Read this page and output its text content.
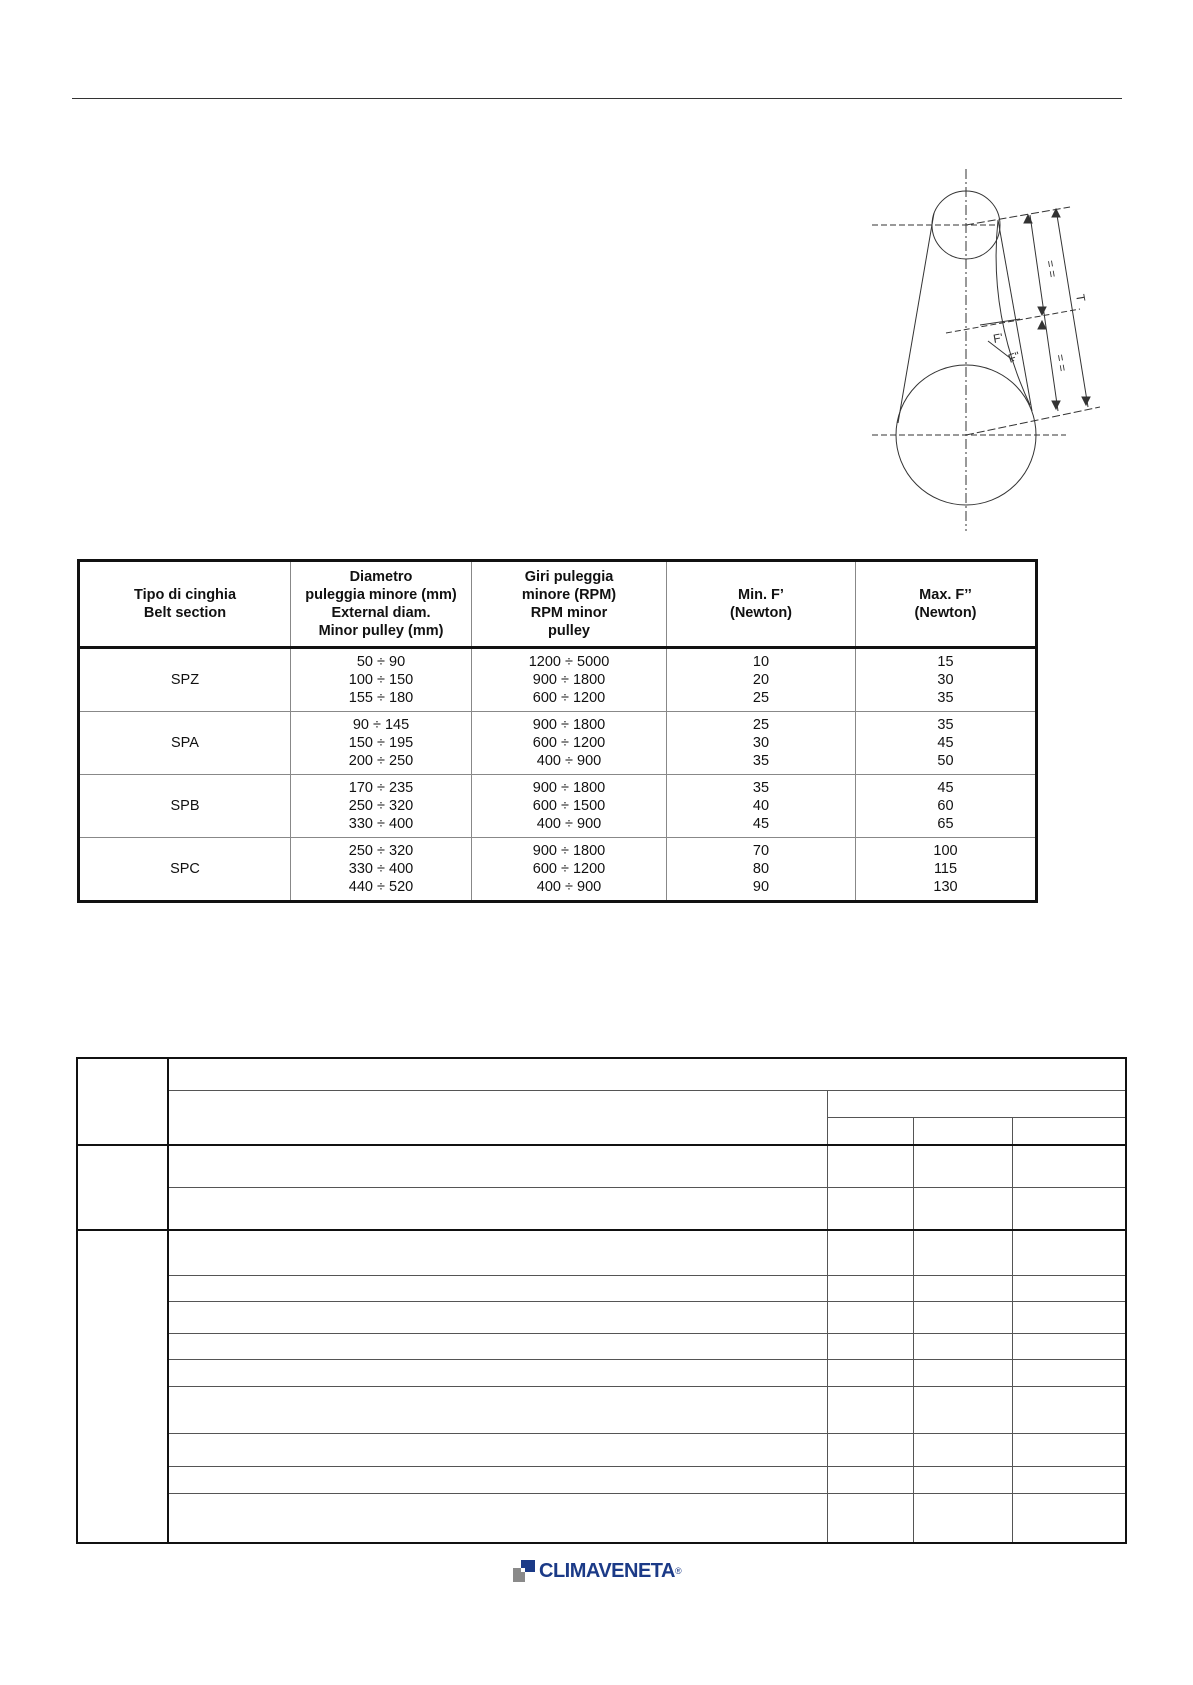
T
F'
F"
= =
= =
Tipo di cinghia
Belt section	Diametro
puleggia minore (mm)
External diam.
Minor pulley (mm)	Giri puleggia
minore (RPM)
RPM minor
pulley	Min. F’
(Newton)	Max. F’’
(Newton)

SPZ	50 ÷ 90
100 ÷ 150
155 ÷ 180	1200 ÷ 5000
900 ÷ 1800
600 ÷ 1200	10
20
25	15
30
35

SPA	90 ÷ 145
150 ÷ 195
200 ÷ 250	900 ÷ 1800
600 ÷ 1200
400 ÷ 900	25
30
35	35
45
50

SPB	170 ÷ 235
250 ÷ 320
330 ÷ 400	900 ÷ 1800
600 ÷ 1500
400 ÷ 900	35
40
45	45
60
65

SPC	250 ÷ 320
330 ÷ 400
440 ÷ 520	900 ÷ 1800
600 ÷ 1200
400 ÷ 900	70
80
90	100
115
130

CLIMAVENETA ®
